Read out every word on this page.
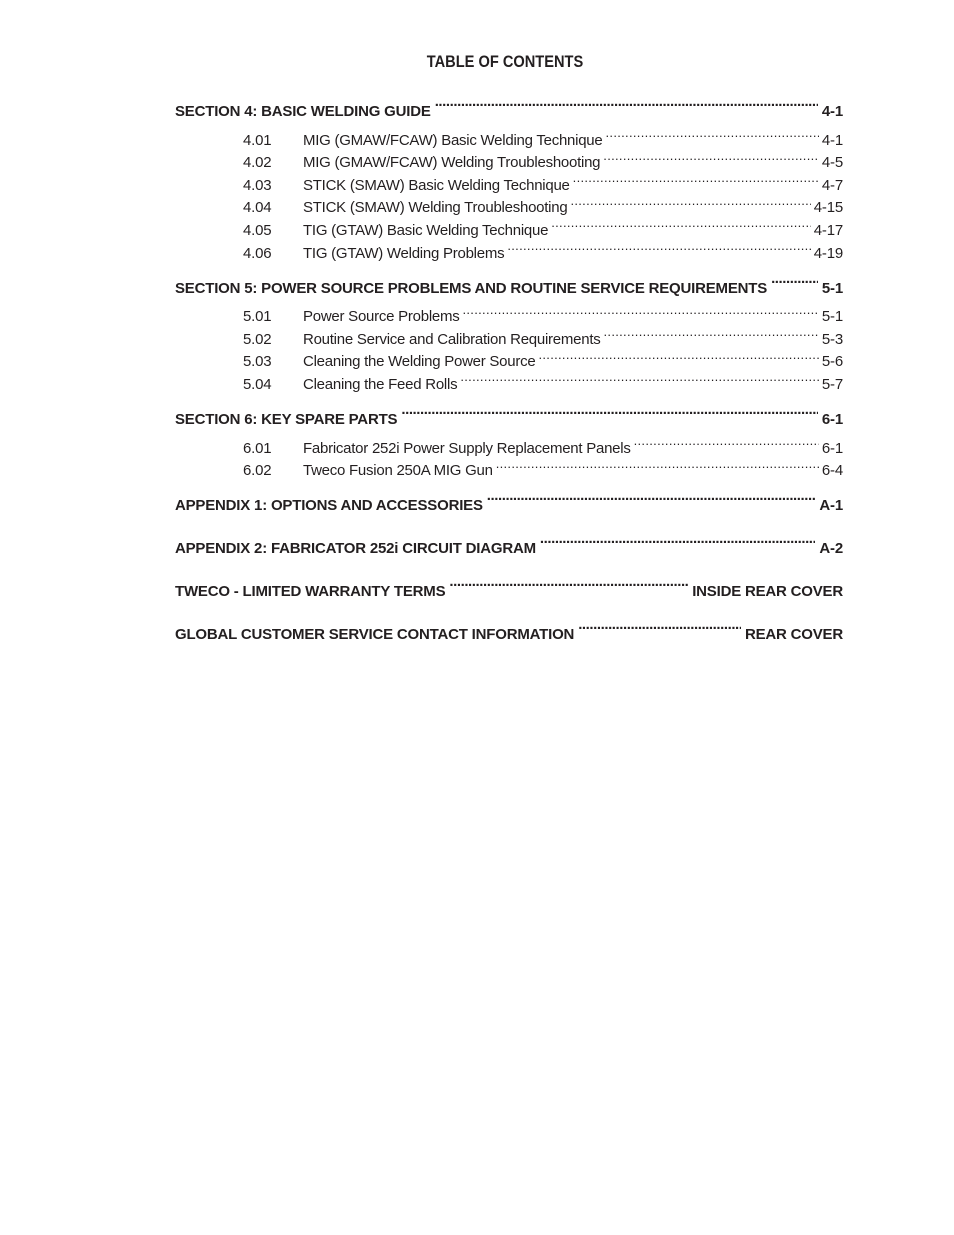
TABLE OF CONTENTS
SECTION 4: BASIC WELDING GUIDE . . .	4-1
4.01	MIG (GMAW/FCAW) Basic Welding Technique .....	4-1
4.02	MIG (GMAW/FCAW) Welding Troubleshooting .....	4-5
4.03	STICK (SMAW) Basic Welding Technique .....	4-7
4.04	STICK (SMAW) Welding Troubleshooting .....	4-15
4.05	TIG (GTAW) Basic Welding Technique .....	4-17
4.06	TIG (GTAW) Welding Problems .....	4-19
SECTION 5: POWER SOURCE PROBLEMS AND ROUTINE SERVICE REQUIREMENTS . . .	5-1
5.01	Power Source Problems .....	5-1
5.02	Routine Service and Calibration Requirements .....	5-3
5.03	Cleaning the Welding Power Source .....	5-6
5.04	Cleaning the Feed Rolls .....	5-7
SECTION 6: KEY SPARE PARTS . . .	6-1
6.01	Fabricator 252i Power Supply Replacement Panels .....	6-1
6.02	Tweco Fusion 250A MIG Gun .....	6-4
APPENDIX 1: OPTIONS AND ACCESSORIES . . .	A-1
APPENDIX 2: FABRICATOR 252i CIRCUIT DIAGRAM . . .	A-2
TWECO - LIMITED WARRANTY TERMS . . .	INSIDE REAR COVER
GLOBAL CUSTOMER SERVICE CONTACT INFORMATION . . .	REAR COVER
